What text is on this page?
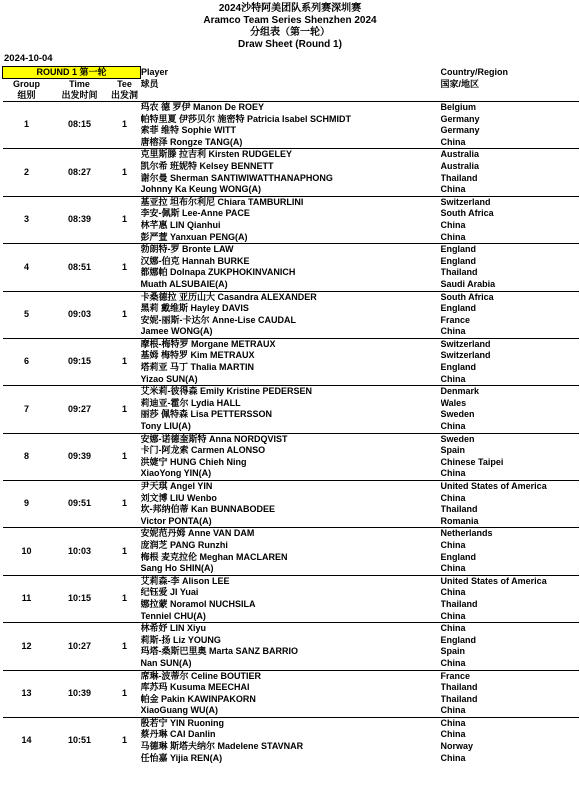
2024沙特阿美团队系列赛深圳赛
Aramco Team Series Shenzhen 2024
分组表（第一轮）
Draw Sheet (Round 1)
2024-10-04
ROUND 1 第一轮			Player	Country/Region
Group	Time	Tee	球员	国家/地区
组别	出发时间	出发洞		
1	08:15	1	玛农 德 罗伊 Manon De ROEY	Belgium
			帕特里夏 伊莎贝尔 施密特 Patricia Isabel SCHMIDT	Germany
			索菲 维特 Sophie WITT	Germany
			唐榕泽 Rongze TANG(A)	China
2	08:27	1	克里斯滕 拉吉利 Kirsten RUDGELEY	Australia
			凯尔希 班妮特 Kelsey BENNETT	Australia
			谢尔曼 Sherman SANTIWIWATTHANAPHONG	Thailand
			Johnny Ka Keung WONG(A)	China
3	08:39	1	基亚拉 坦布尔利尼 Chiara TAMBURLINI	Switzerland
			李安-佩斯 Lee-Anne PACE	South Africa
			林芊惠 LIN Qianhui	China
			彭严萱 Yanxuan PENG(A)	China
4	08:51	1	勃朗特-罗 Bronte LAW	England
			汉娜-伯克 Hannah BURKE	England
			都娜帕 Dolnapa ZUKPHOKINVANICH	Thailand
			Muath ALSUBAIE(A)	Saudi Arabia
5	09:03	1	卡桑德拉 亚历山大 Casandra ALEXANDER	South Africa
			黑莉 戴维斯 Hayley DAVIS	England
			安妮-丽斯-卡达尔 Anne-Lise CAUDAL	France
			Jamee WONG(A)	China
6	09:15	1	摩根-梅特罗 Morgane METRAUX	Switzerland
			基姆 梅特罗 Kim METRAUX	Switzerland
			塔莉亚 马丁 Thalia MARTIN	England
			Yizao SUN(A)	China
7	09:27	1	艾米莉-彼得森 Emily Kristine PEDERSEN	Denmark
			莉迪亚-霍尔 Lydia HALL	Wales
			丽莎 佩特森 Lisa PETTERSSON	Sweden
			Tony LIU(A)	China
8	09:39	1	安娜-诺德奎斯特 Anna NORDQVIST	Sweden
			卡门-阿龙索 Carmen ALONSO	Spain
			洪婕宁 HUNG Chieh Ning	Chinese Taipei
			XiaoYong YIN(A)	China
9	09:51	1	尹天琪 Angel YIN	United States of America
			刘文博 LIU Wenbo	China
			坎-邦纳伯蒂 Kan BUNNABODEE	Thailand
			Victor PONTA(A)	Romania
10	10:03	1	安妮范丹姆 Anne VAN DAM	Netherlands
			庞润芝 PANG Runzhi	China
			梅根 麦克拉伦 Meghan MACLAREN	England
			Sang Ho SHIN(A)	China
11	10:15	1	艾莉森-李 Alison LEE	United States of America
			纪钰爱 JI Yuai	China
			娜拉蒙 Noramol NUCHSILA	Thailand
			Tenniel CHU(A)	China
12	10:27	1	林希妤 LIN Xiyu	China
			莉斯-扬 Liz YOUNG	England
			玛塔-桑斯巴里奥 Marta SANZ BARRIO	Spain
			Nan SUN(A)	China
13	10:39	1	席琳-波蒂尔 Celine BOUTIER	France
			库苏玛 Kusuma MEECHAI	Thailand
			帕金 Pakin KAWINPAKORN	Thailand
			XiaoGuang WU(A)	China
14	10:51	1	殷若宁 YIN Ruoning	China
			蔡丹琳 CAI Danlin	China
			马德琳 斯塔夫纳尔 Madelene STAVNAR	Norway
			任怡嘉 Yijia REN(A)	China
